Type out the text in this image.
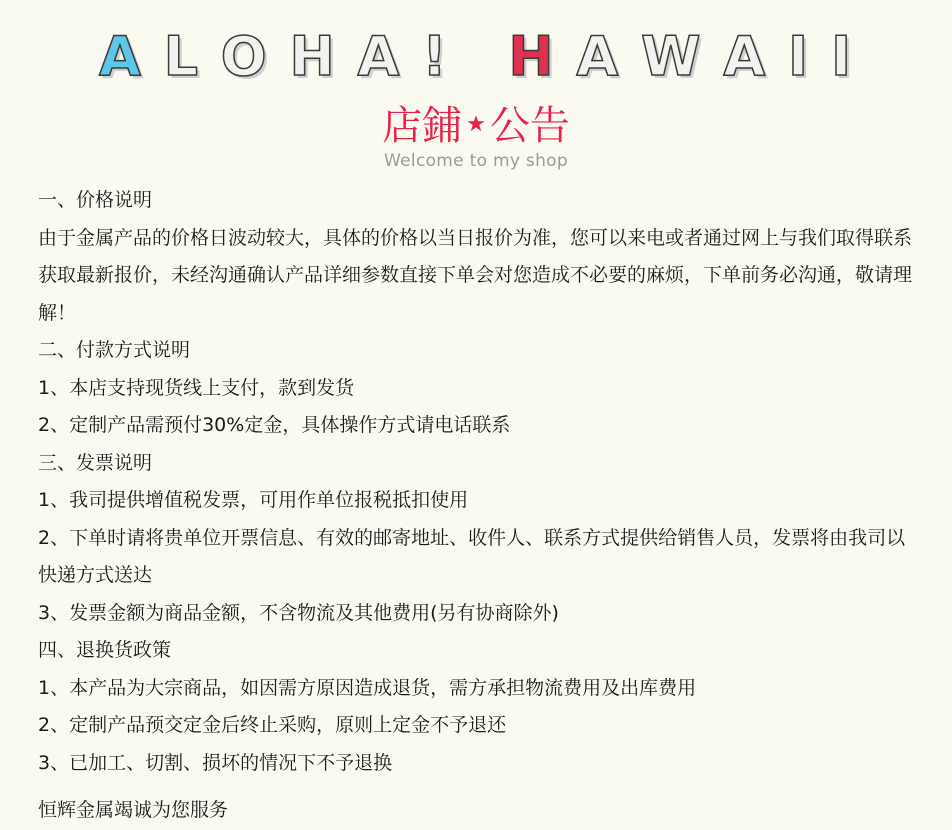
A L O H A ! H A W A I I
店鋪 ★ 公告
Welcome to my shop
一、价格说明
由于金属产品的价格日波动较大，具体的价格以当日报价为准，您可以来电或者通过网上与我们取得联系获取最新报价，未经沟通确认产品详细参数直接下单会对您造成不必要的麻烦，下单前务必沟通，敬请理解！
二、付款方式说明
1、本店支持现货线上支付，款到发货
2、定制产品需预付30%定金，具体操作方式请电话联系
三、发票说明
1、我司提供增值税发票，可用作单位报税抵扣使用
2、下单时请将贵单位开票信息、有效的邮寄地址、收件人、联系方式提供给销售人员，发票将由我司以快递方式送达
3、发票金额为商品金额，不含物流及其他费用(另有协商除外)
四、退换货政策
1、本产品为大宗商品，如因需方原因造成退货，需方承担物流费用及出库费用
2、定制产品预交定金后终止采购，原则上定金不予退还
3、已加工、切割、损坏的情况下不予退换
恒辉金属竭诚为您服务
